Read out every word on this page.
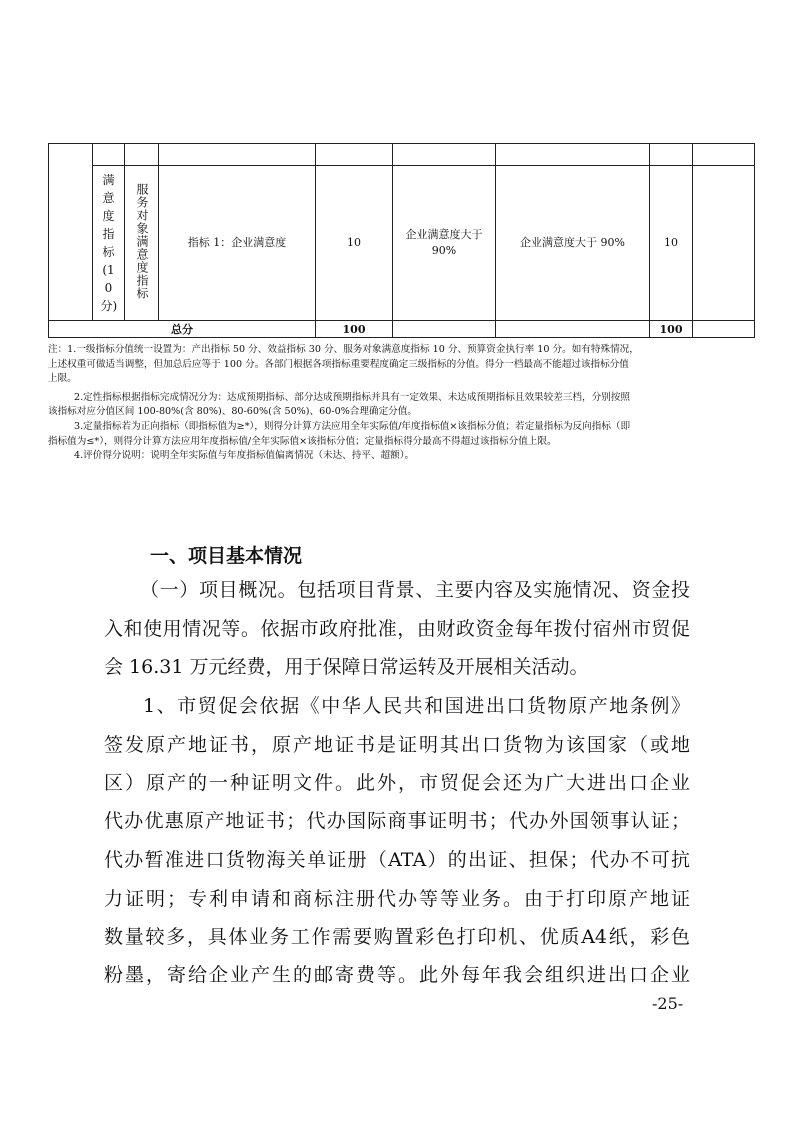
	满意度指标(10分)	服务对象满意度指标	指标 1：企业满意度	10	企业满意度大于 90%	企业满意度大于 90%	10	
总分				100			100	

注：1.一级指标分值统一设置为：产出指标 50 分、效益指标 30 分、服务对象满意度指标 10 分、预算资金执行率 10 分。如有特殊情况，

上述权重可做适当调整，但加总后应等于 100 分。各部门根据各项指标重要程度确定三级指标的分值。得分一档最高不能超过该指标分值

上限。

2.定性指标根据指标完成情况分为：达成预期指标、部分达成预期指标并具有一定效果、未达成预期指标且效果较差三档，分别按照

该指标对应分值区间 100-80%(含 80%)、80-60%(含 50%)、60-0%合理确定分值。

3.定量指标若为正向指标（即指标值为≥*），则得分计算方法应用全年实际值/年度指标值×该指标分值；若定量指标为反向指标（即

指标值为≤*），则得分计算方法应用年度指标值/全年实际值×该指标分值；定量指标得分最高不得超过该指标分值上限。

4.评价得分说明：说明全年实际值与年度指标值偏离情况（未达、持平、超额）。

一、项目基本情况
（一）项目概况。包括项目背景、主要内容及实施情况、资金投
入和使用情况等。依据市政府批准，由财政资金每年拨付宿州市贸促
会 16.31 万元经费，用于保障日常运转及开展相关活动。
1、市贸促会依据《中华人民共和国进出口货物原产地条例》
签发原产地证书，原产地证书是证明其出口货物为该国家（或地
区）原产的一种证明文件。此外，市贸促会还为广大进出口企业
代办优惠原产地证书；代办国际商事证明书；代办外国领事认证；
代办暂准进口货物海关单证册（ATA）的出证、担保；代办不可抗
力证明；专利申请和商标注册代办等等业务。由于打印原产地证
数量较多，具体业务工作需要购置彩色打印机、优质A4纸，彩色
粉墨，寄给企业产生的邮寄费等。此外每年我会组织进出口企业
-25-
